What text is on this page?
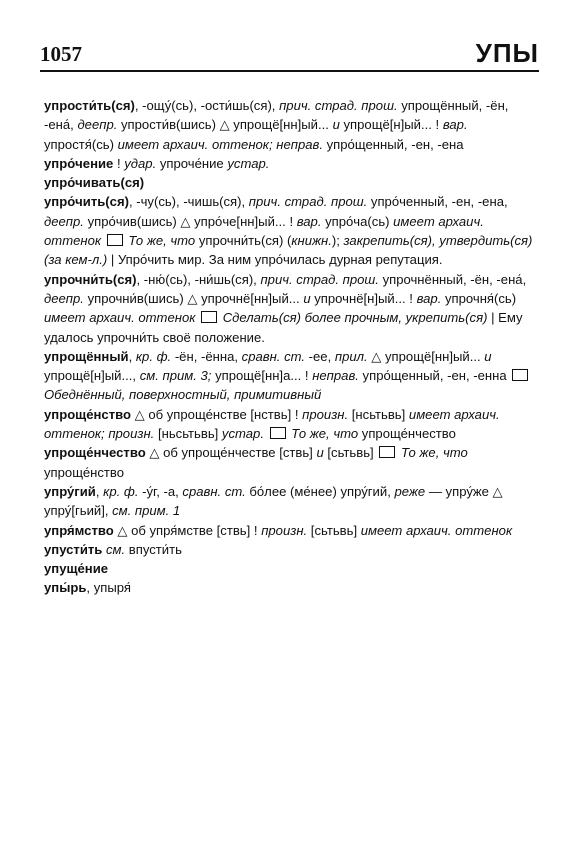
1057	УПЫ

упрости́ть(ся), -ощу́(сь), -ости́шь(ся), прич. страд. прош. упрощённый, -ён, -ена́, деепр. упрости́в(шись) △ упрощё[нн]ый... и упрощё[н]ый... ! вар. упростя́(сь) имеет архаич. оттенок; неправ. упро́щенный, -ен, -ена

упро́чение ! удар. упроче́ние устар.

упро́чивать(ся)

упро́чить(ся), -чу(сь), -чишь(ся), прич. страд. прош. упро́ченный, -ен, -ена, деепр. упро́чив(шись) △ упро́че[нн]ый... ! вар. упро́ча(сь) имеет архаич. оттенок То же, что упрочни́ть(ся) (книжн.); закрепить(ся), утвердить(ся) (за кем-л.) | Упро́чить мир. За ним упро́чилась дурная репутация.

упрочни́ть(ся), -ню́(сь), -ни́шь(ся), прич. страд. прош. упрочнённый, -ён, -ена́, деепр. упрочни́в(шись) △ упрочнё[нн]ый... и упрочнё[н]ый... ! вар. упрочня́(сь) имеет архаич. оттенок Сделать(ся) более прочным, укрепить(ся) | Ему удалось упрочни́ть своё положение.

упрощённый, кр. ф. -ён, -ённа, сравн. ст. -ее, прил. △ упрощё[нн]ый... и упрощё[н]ый..., см. прим. 3; упрощё[нн]а... ! неправ. упро́щенный, -ен, -енна  Обеднённый, поверхностный, примитивный

упроще́нство △ об упроще́нстве [нствь] ! произн. [нсьтьвь] имеет архаич. оттенок; произн. [ньсьтьвь] устар. То же, что упроще́нчество

упроще́нчество △ об упроще́нчестве [ствь] и [сьтьвь] То же, что упроще́нство

упру́гий, кр. ф. -у́г, -а, сравн. ст. бо́лее (ме́нее) упру́гий, реже — упру́же △ упру́[гьий], см. прим. 1

упря́мство △ об упря́мстве [ствь] ! произн. [сьтьвь] имеет архаич. оттенок

упусти́ть см. впусти́ть

упуще́ние

упы́рь, упыря́
